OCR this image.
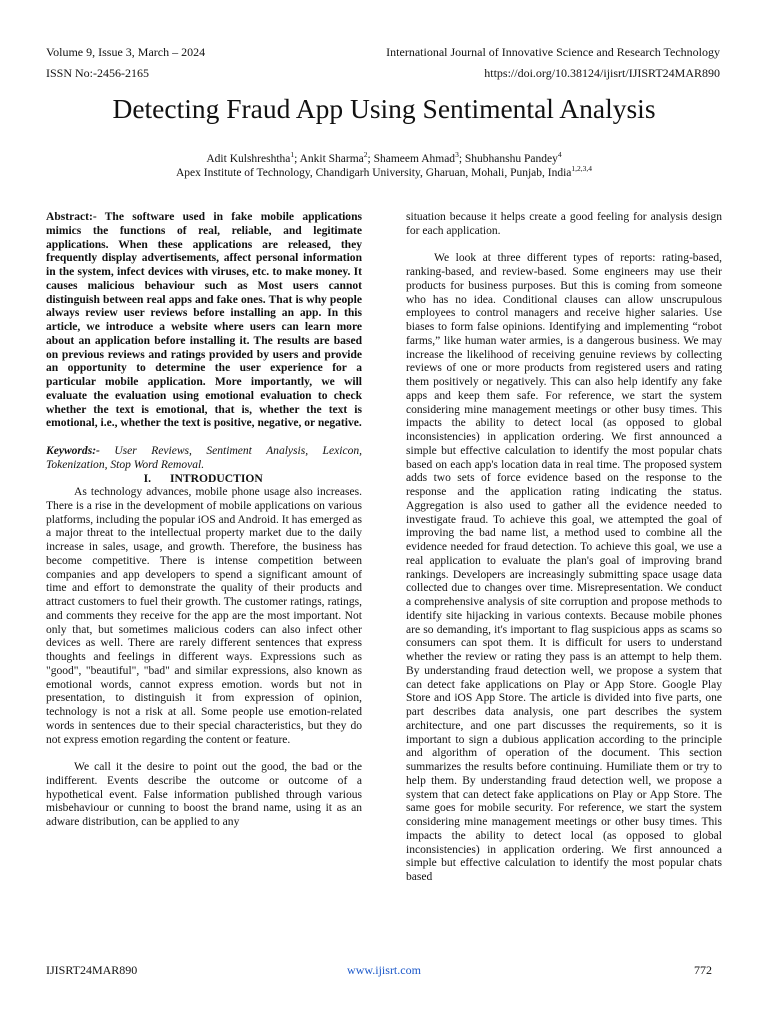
Volume 9, Issue 3, March – 2024
ISSN No:-2456-2165
International Journal of Innovative Science and Research Technology
https://doi.org/10.38124/ijisrt/IJISRT24MAR890
Detecting Fraud App Using Sentimental Analysis
Adit Kulshreshtha$^1$; Ankit Sharma$^2$; Shameem Ahmad$^3$; Shubhanshu Pandey$^4$
Apex Institute of Technology, Chandigarh University, Gharuan, Mohali, Punjab, India$^{1,2,3,4}$

Abstract:- The software used in fake mobile applications mimics the functions of real, reliable, and legitimate applications. When these applications are released, they frequently display advertisements, affect personal information in the system, infect devices with viruses, etc. to make money. It causes malicious behaviour such as Most users cannot distinguish between real apps and fake ones. That is why people always review user reviews before installing an app. In this article, we introduce a website where users can learn more about an application before installing it. The results are based on previous reviews and ratings provided by users and provide an opportunity to determine the user experience for a particular mobile application. More importantly, we will evaluate the evaluation using emotional evaluation to check whether the text is emotional, that is, whether the text is emotional, i.e., whether the text is positive, negative, or negative.

Keywords:- User Reviews, Sentiment Analysis, Lexicon, Tokenization, Stop Word Removal.

I. INTRODUCTION

As technology advances, mobile phone usage also increases. There is a rise in the development of mobile applications on various platforms, including the popular iOS and Android. It has emerged as a major threat to the intellectual property market due to the daily increase in sales, usage, and growth. Therefore, the business has become competitive. There is intense competition between companies and app developers to spend a significant amount of time and effort to demonstrate the quality of their products and attract customers to fuel their growth. The customer ratings, ratings, and comments they receive for the app are the most important. Not only that, but sometimes malicious coders can also infect other devices as well. There are rarely different sentences that express thoughts and feelings in different ways. Expressions such as "good", "beautiful", "bad" and similar expressions, also known as emotional words, cannot express emotion. words but not in presentation, to distinguish it from expression of opinion, technology is not a risk at all. Some people use emotion-related words in sentences due to their special characteristics, but they do not express emotion regarding the content or feature.

We call it the desire to point out the good, the bad or the indifferent. Events describe the outcome or outcome of a hypothetical event. False information published through various misbehaviour or cunning to boost the brand name, using it as an adware distribution, can be applied to any

situation because it helps create a good feeling for analysis design for each application.

We look at three different types of reports: rating-based, ranking-based, and review-based. Some engineers may use their products for business purposes. But this is coming from someone who has no idea. Conditional clauses can allow unscrupulous employees to control managers and receive higher salaries. Use biases to form false opinions. Identifying and implementing “robot farms,” like human water armies, is a dangerous business. We may increase the likelihood of receiving genuine reviews by collecting reviews of one or more products from registered users and rating them positively or negatively. This can also help identify any fake apps and keep them safe. For reference, we start the system considering mine management meetings or other busy times. This impacts the ability to detect local (as opposed to global inconsistencies) in application ordering. We first announced a simple but effective calculation to identify the most popular chats based on each app's location data in real time. The proposed system adds two sets of force evidence based on the response to the response and the application rating indicating the status. Aggregation is also used to gather all the evidence needed to investigate fraud. To achieve this goal, we attempted the goal of improving the bad name list, a method used to combine all the evidence needed for fraud detection. To achieve this goal, we use a real application to evaluate the plan's goal of improving brand rankings. Developers are increasingly submitting space usage data collected due to changes over time. Misrepresentation. We conduct a comprehensive analysis of site corruption and propose methods to identify site hijacking in various contexts. Because mobile phones are so demanding, it's important to flag suspicious apps as scams so consumers can spot them. It is difficult for users to understand whether the review or rating they pass is an attempt to help them. By understanding fraud detection well, we propose a system that can detect fake applications on Play or App Store. Google Play Store and iOS App Store. The article is divided into five parts, one part describes data analysis, one part describes the system architecture, and one part discusses the requirements, so it is important to sign a dubious application according to the principle and algorithm of operation of the document. This section summarizes the results before continuing. Humiliate them or try to help them. By understanding fraud detection well, we propose a system that can detect fake applications on Play or App Store. The same goes for mobile security. For reference, we start the system considering mine management meetings or other busy times. This impacts the ability to detect local (as opposed to global inconsistencies) in application ordering. We first announced a simple but effective calculation to identify the most popular chats based

IJISRT24MAR890	www.ijisrt.com	772
